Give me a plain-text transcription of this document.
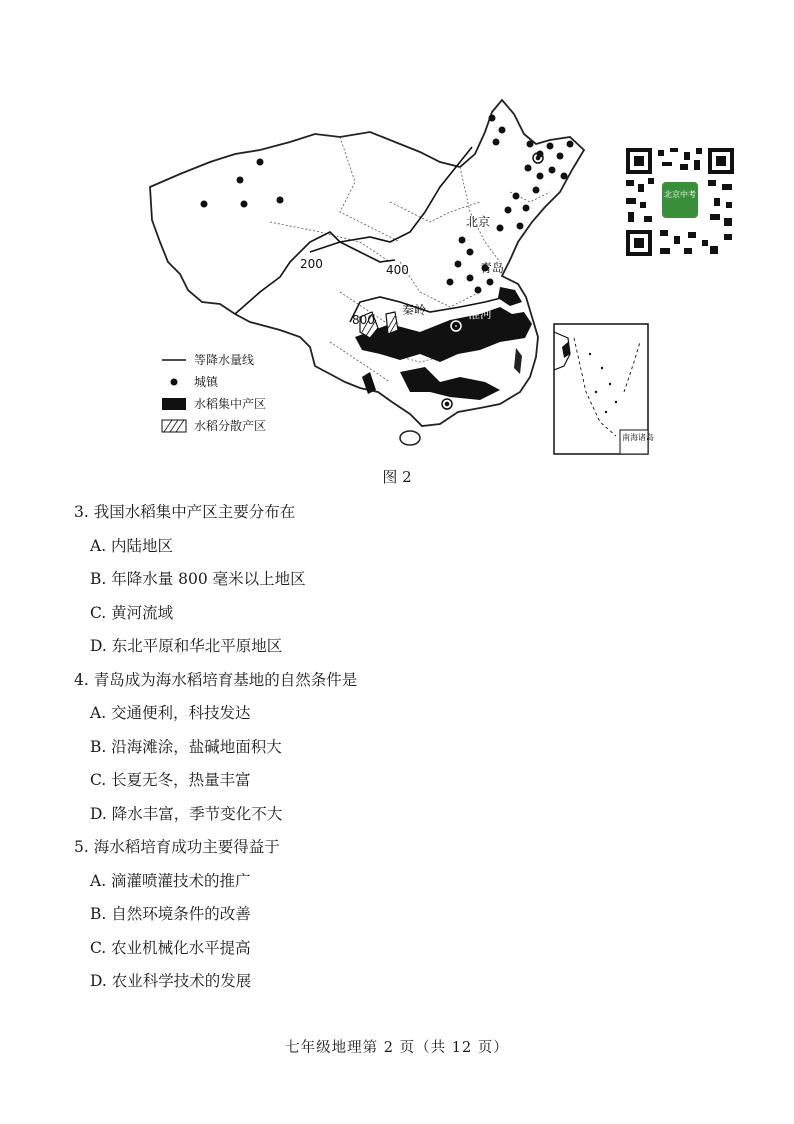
200	400
800
北京
青岛
秦岭	淮河
南海诸岛
等降水量线
城镇
水稻集中产区
水稻分散产区
北京中考
图 2
3. 我国水稻集中产区主要分布在
A. 内陆地区
B. 年降水量 800 毫米以上地区
C. 黄河流域
D. 东北平原和华北平原地区
4. 青岛成为海水稻培育基地的自然条件是
A. 交通便利，科技发达
B. 沿海滩涂，盐碱地面积大
C. 长夏无冬，热量丰富
D. 降水丰富，季节变化不大
5. 海水稻培育成功主要得益于
A. 滴灌喷灌技术的推广
B. 自然环境条件的改善
C. 农业机械化水平提高
D. 农业科学技术的发展
七年级地理第 2 页（共 12 页）
